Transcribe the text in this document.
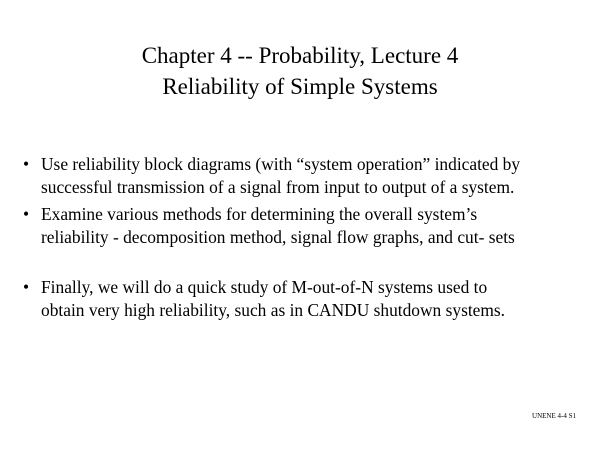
Chapter 4 -- Probability, Lecture 4
Reliability of Simple Systems
• Use reliability block diagrams (with “system operation” indicated by
successful transmission of a signal from input to output of a system.
• Examine various methods for determining the overall system’s
reliability - decomposition method, signal flow graphs, and cut- sets
• Finally, we will do a quick study of M-out-of-N systems used to
obtain very high reliability, such as in CANDU shutdown systems.
UNENE 4-4 S1
